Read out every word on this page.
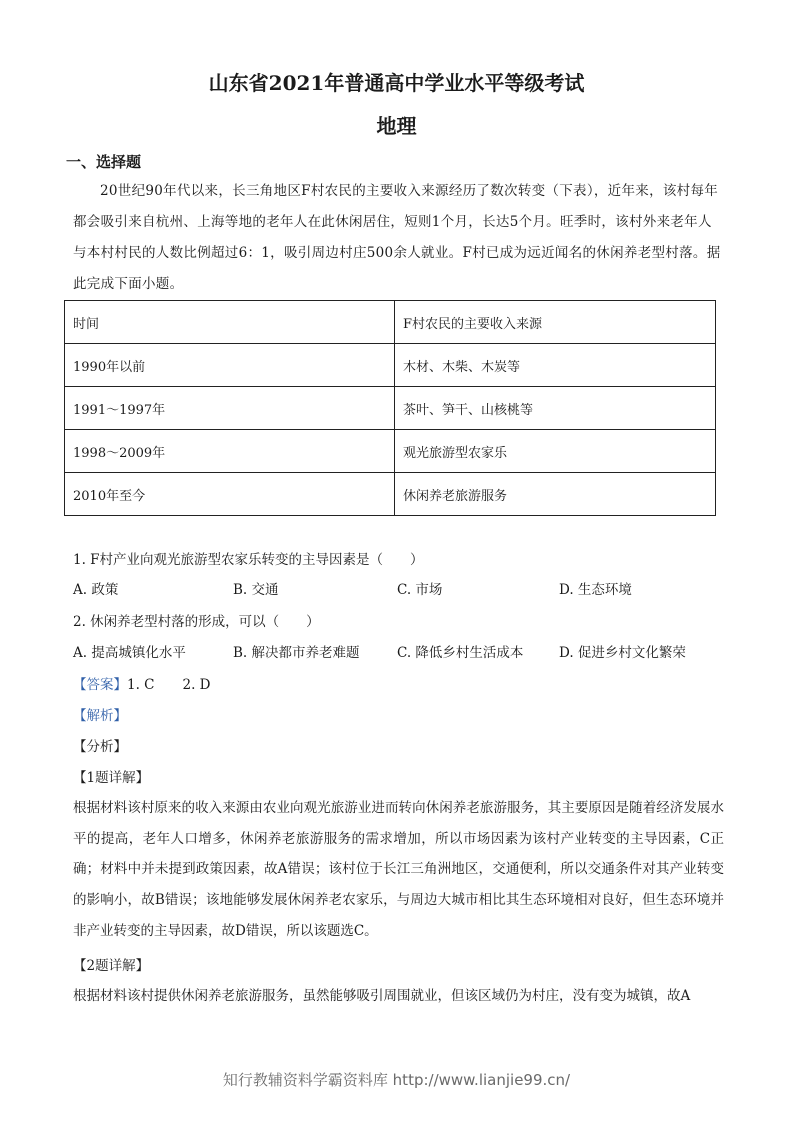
山东省2021年普通高中学业水平等级考试
地理
一、选择题
20世纪90年代以来，长三角地区F村农民的主要收入来源经历了数次转变（下表），近年来，该村每年都会吸引来自杭州、上海等地的老年人在此休闲居住，短则1个月，长达5个月。旺季时，该村外来老年人与本村村民的人数比例超过6：1，吸引周边村庄500余人就业。F村已成为远近闻名的休闲养老型村落。据此完成下面小题。
时间	F村农民的主要收入来源
1990年以前	木材、木柴、木炭等
1991～1997年	茶叶、笋干、山核桃等
1998～2009年	观光旅游型农家乐
2010年至今	休闲养老旅游服务
1. F村产业向观光旅游型农家乐转变的主导因素是（　　）
A. 政策	B. 交通	C. 市场	D. 生态环境
2. 休闲养老型村落的形成，可以（　　）
A. 提高城镇化水平	B. 解决都市养老难题	C. 降低乡村生活成本	D. 促进乡村文化繁荣
【答案】1. C 2. D
【解析】
【分析】
【1题详解】
根据材料该村原来的收入来源由农业向观光旅游业进而转向休闲养老旅游服务，其主要原因是随着经济发展水平的提高，老年人口增多，休闲养老旅游服务的需求增加，所以市场因素为该村产业转变的主导因素，C正确；材料中并未提到政策因素，故A错误；该村位于长江三角洲地区，交通便利，所以交通条件对其产业转变的影响小，故B错误；该地能够发展休闲养老农家乐，与周边大城市相比其生态环境相对良好，但生态环境并非产业转变的主导因素，故D错误，所以该题选C。
【2题详解】
根据材料该村提供休闲养老旅游服务，虽然能够吸引周围就业，但该区域仍为村庄，没有变为城镇，故A
知行教辅资料学霸资料库 http://www.lianjie99.cn/
